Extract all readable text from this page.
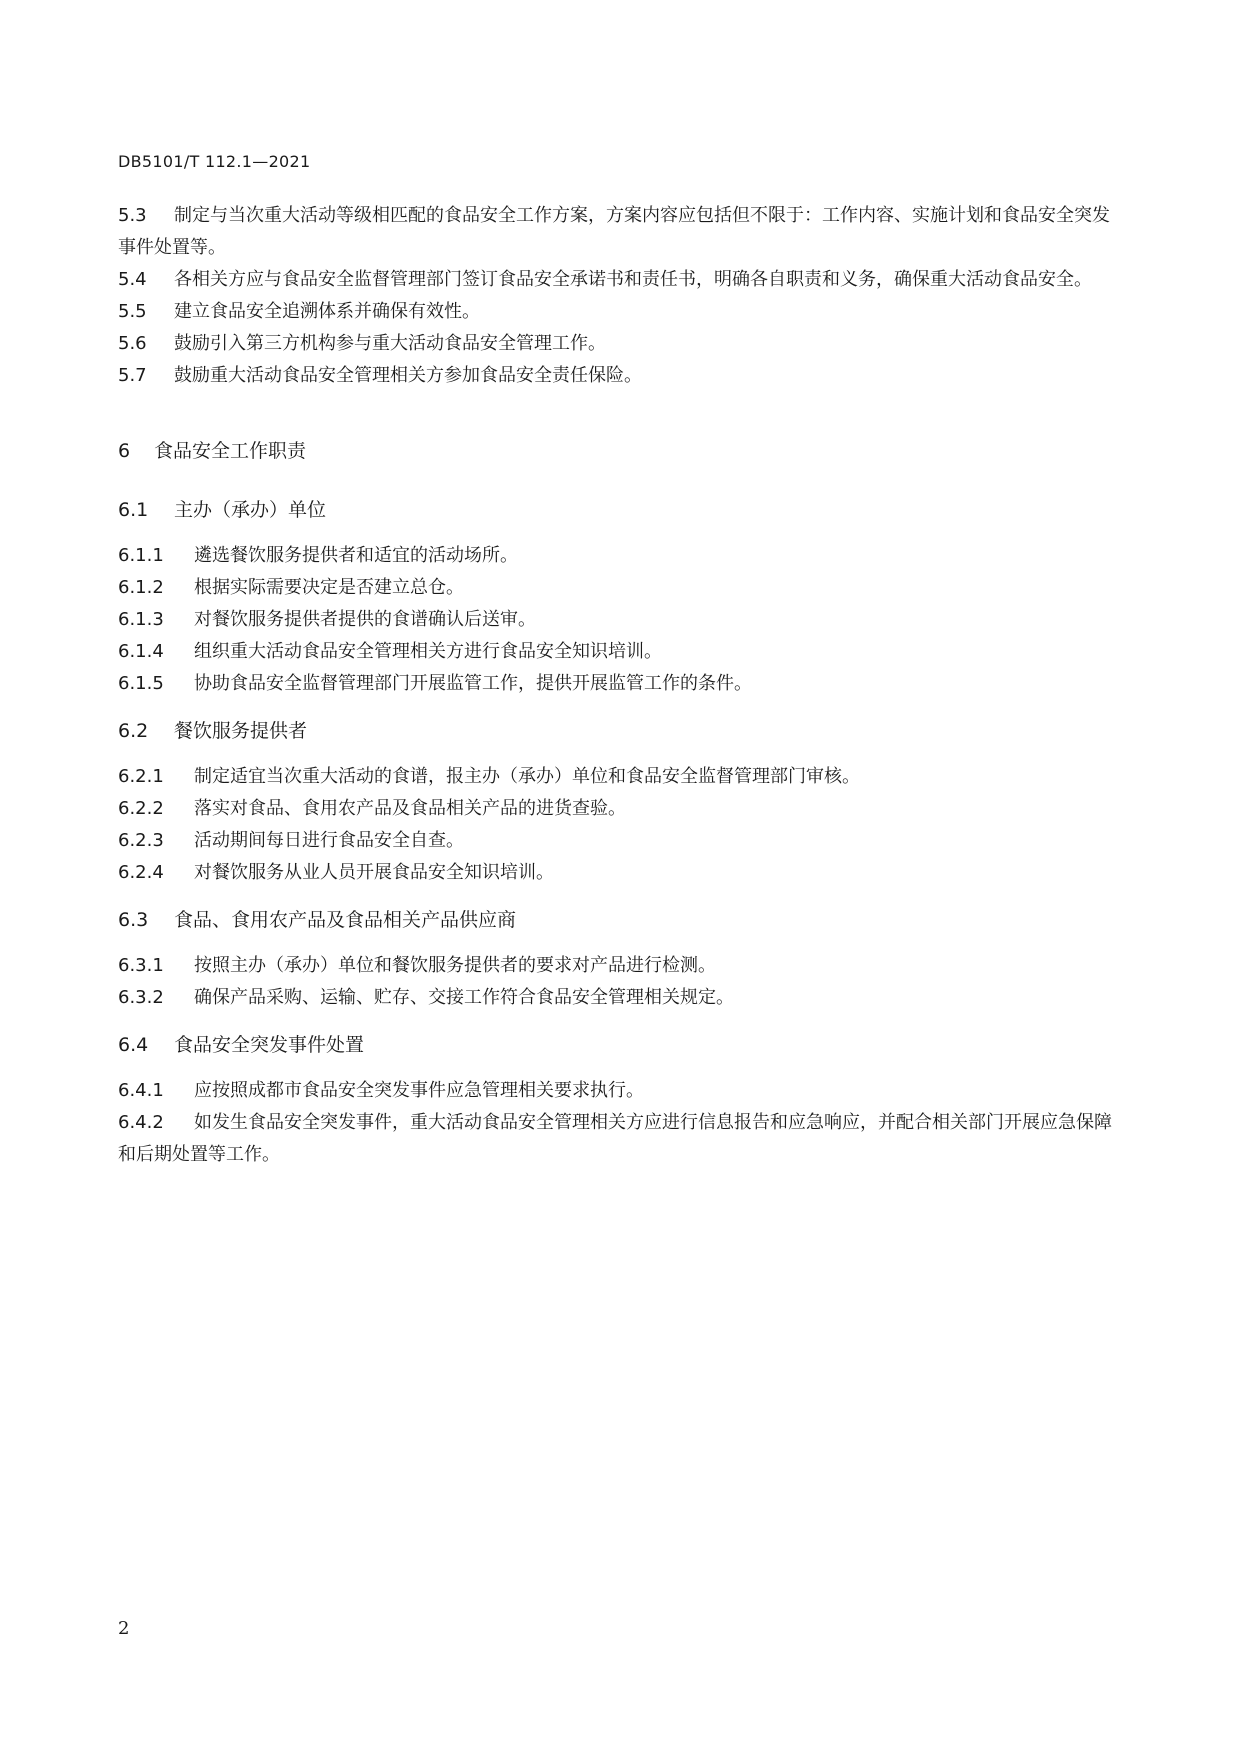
DB5101/T 112.1—2021

5.3 制定与当次重大活动等级相匹配的食品安全工作方案，方案内容应包括但不限于：工作内容、实施计划和食品安全突发事件处置等。

5.4 各相关方应与食品安全监督管理部门签订食品安全承诺书和责任书，明确各自职责和义务，确保重大活动食品安全。

5.5 建立食品安全追溯体系并确保有效性。

5.6 鼓励引入第三方机构参与重大活动食品安全管理工作。

5.7 鼓励重大活动食品安全管理相关方参加食品安全责任保险。

6 食品安全工作职责

6.1 主办（承办）单位

6.1.1 遴选餐饮服务提供者和适宜的活动场所。

6.1.2 根据实际需要决定是否建立总仓。

6.1.3 对餐饮服务提供者提供的食谱确认后送审。

6.1.4 组织重大活动食品安全管理相关方进行食品安全知识培训。

6.1.5 协助食品安全监督管理部门开展监管工作，提供开展监管工作的条件。

6.2 餐饮服务提供者

6.2.1 制定适宜当次重大活动的食谱，报主办（承办）单位和食品安全监督管理部门审核。

6.2.2 落实对食品、食用农产品及食品相关产品的进货查验。

6.2.3 活动期间每日进行食品安全自查。

6.2.4 对餐饮服务从业人员开展食品安全知识培训。

6.3 食品、食用农产品及食品相关产品供应商

6.3.1 按照主办（承办）单位和餐饮服务提供者的要求对产品进行检测。

6.3.2 确保产品采购、运输、贮存、交接工作符合食品安全管理相关规定。

6.4 食品安全突发事件处置

6.4.1 应按照成都市食品安全突发事件应急管理相关要求执行。

6.4.2 如发生食品安全突发事件，重大活动食品安全管理相关方应进行信息报告和应急响应，并配合相关部门开展应急保障和后期处置等工作。

2
